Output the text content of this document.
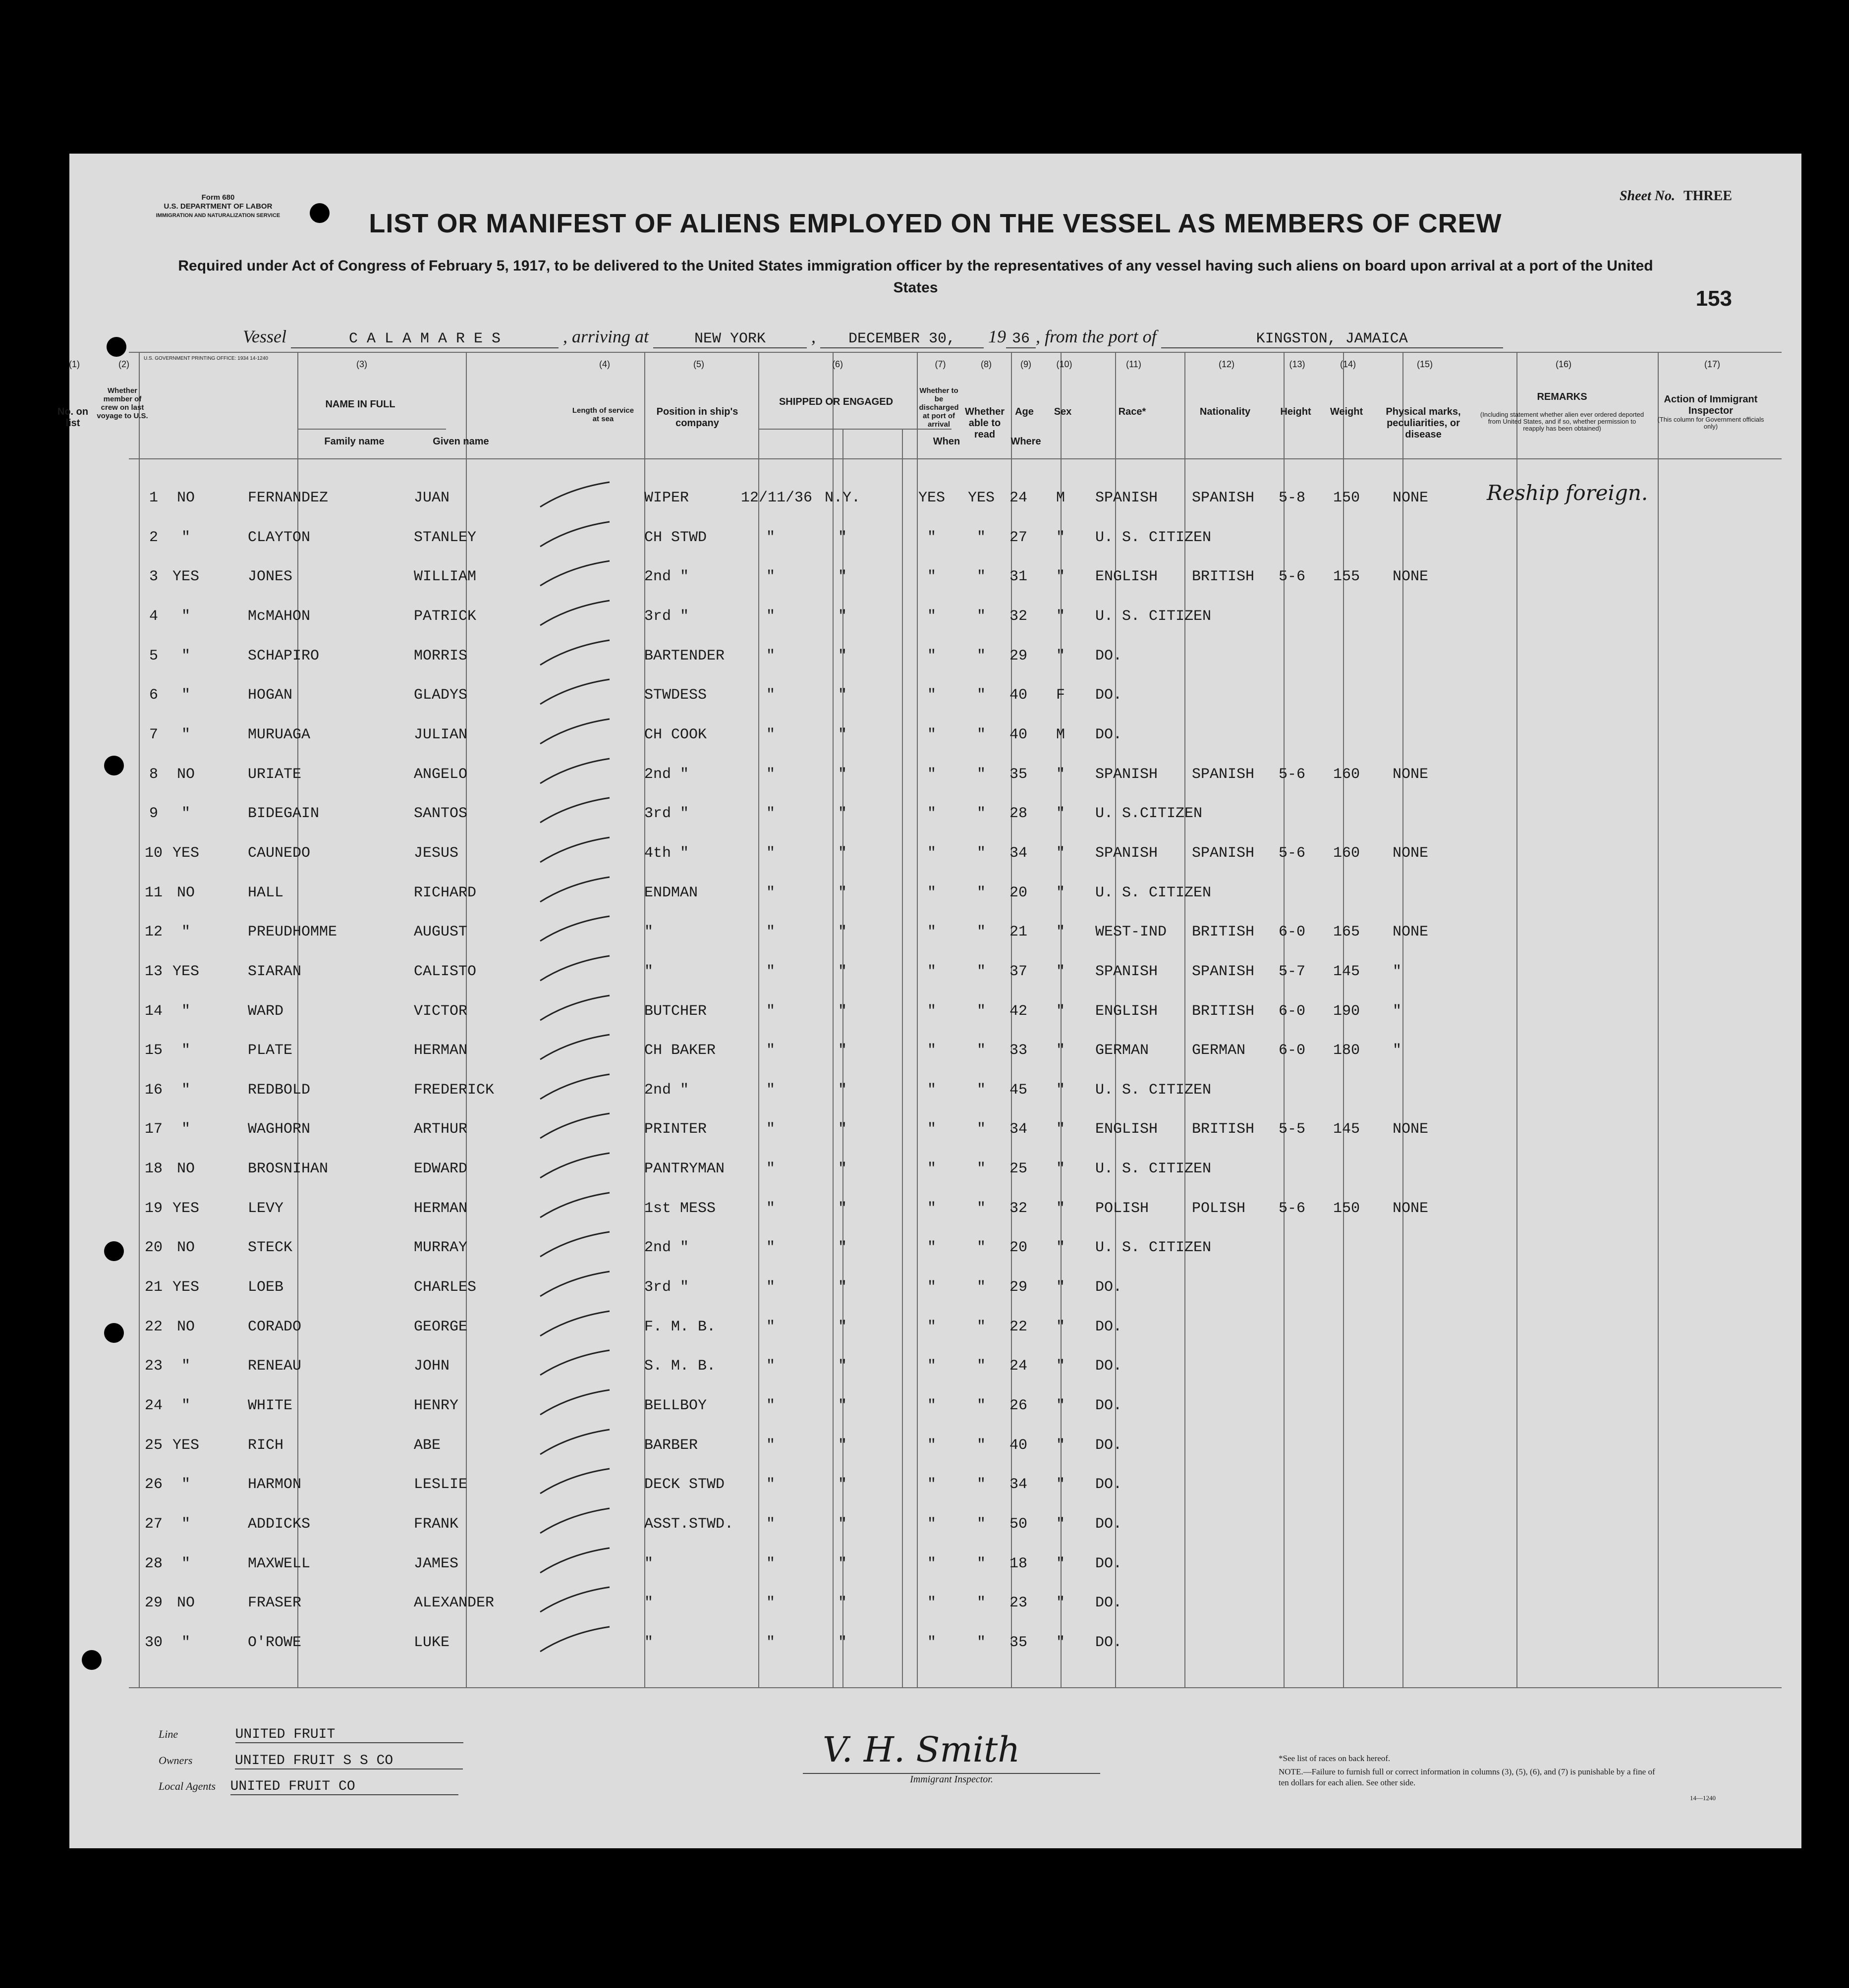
Form 680
U.S. DEPARTMENT OF LABOR
IMMIGRATION AND NATURALIZATION SERVICE
Sheet No. THREE
LIST OR MANIFEST OF ALIENS EMPLOYED ON THE VESSEL AS MEMBERS OF CREW
Required under Act of Congress of February 5, 1917, to be delivered to the United States immigration officer by the representatives of any vessel having such aliens on board upon arrival at a port of the United States	153
Vessel	C A L A M A R E S	, arriving at	NEW YORK	, DECEMBER 30, 19 36 , from the port of	KINGSTON, JAMAICA
U.S. GOVERNMENT PRINTING OFFICE: 1934 14-1240
(1)
No. on list
(2)
Whether member of crew on last voyage to U.S.
(3)
NAME IN FULL
(4)
Length of service at sea
(5)
Position in ship's company
(6)
SHIPPED OR ENGAGED
(7)
Whether to be discharged at port of arrival
(8)
Whether able to read
(9)
Age
(10)
Sex
(11)
Race*
(12)
Nationality
(13)
Height
(14)
Weight
(15)
Physical marks, peculiarities, or disease
(16)
REMARKS
(17)
Action of Immigrant Inspector
Family name	Given name	When	Where
(Including statement whether alien ever ordered deported from United States, and if so, whether permission to reapply has been obtained)
(This column for Government officials only)
1	NO	FERNANDEZ	JUAN	WIPER	12/11/36 N.Y.	YES	YES 24	M	SPANISH SPANISH 5-8 150 NONE	Reship foreign.
2	"	CLAYTON	STANLEY	CH STWD	"	"	"	"	27	"	U. S. CITIZEN
3 YES	JONES	WILLIAM	2nd "	"	"	"	"	31	"	ENGLISH BRITISH 5-6 155 NONE
4	"	McMAHON	PATRICK	3rd "	"	"	"	"	32	"	U. S. CITIZEN
5	"	SCHAPIRO	MORRIS	BARTENDER	"	"	"	"	29	"	DO.
6	"	HOGAN	GLADYS	STWDESS	"	"	"	"	40	F	DO.
7	"	MURUAGA	JULIAN	CH COOK	"	"	"	"	40	M	DO.
8	NO	URIATE	ANGELO	2nd "	"	"	"	"	35	"	SPANISH SPANISH 5-6 160 NONE
9	"	BIDEGAIN	SANTOS	3rd "	"	"	"	"	28	"	U. S.CITIZEN
10 YES	CAUNEDO	JESUS	4th "	"	"	"	"	34	"	SPANISH SPANISH 5-6 160 NONE
11 NO	HALL	RICHARD	ENDMAN	"	"	"	"	20	"	U. S. CITIZEN
12	"	PREUDHOMME	AUGUST	"	"	"	"	"	21	"	WEST-IND BRITISH 6-0 165 NONE
13 YES	SIARAN	CALISTO	"	"	"	"	"	37	"	SPANISH SPANISH 5-7 145 "
14	"	WARD	VICTOR	BUTCHER	"	"	"	"	42	"	ENGLISH BRITISH 6-0 190 "
15	"	PLATE	HERMAN	CH BAKER	"	"	"	"	33	"	GERMAN	GERMAN 6-0 180 "
16	"	REDBOLD	FREDERICK	2nd "	"	"	"	"	45	"	U. S. CITIZEN
17	"	WAGHORN	ARTHUR	PRINTER	"	"	"	"	34	"	ENGLISH BRITISH 5-5 145 NONE
18 NO	BROSNIHAN	EDWARD	PANTRYMAN	"	"	"	"	25	"	U. S. CITIZEN
19 YES	LEVY	HERMAN	1st MESS	"	"	"	"	32	"	POLISH	POLISH 5-6 150 NONE
20 NO	STECK	MURRAY	2nd "	"	"	"	"	20	"	U. S. CITIZEN
21 YES	LOEB	CHARLES	3rd "	"	"	"	"	29	"	DO.
22 NO	CORADO	GEORGE	F. M. B.	"	"	"	"	22	"	DO.
23	"	RENEAU	JOHN	S. M. B.	"	"	"	"	24	"	DO.
24	"	WHITE	HENRY	BELLBOY	"	"	"	"	26	"	DO.
25 YES	RICH	ABE	BARBER	"	"	"	"	40	"	DO.
26	"	HARMON	LESLIE	DECK STWD	"	"	"	"	34	"	DO.
27	"	ADDICKS	FRANK	ASST.STWD.	"	"	"	"	50	"	DO.
28	"	MAXWELL	JAMES	"	"	"	"	"	18	"	DO.
29 NO	FRASER	ALEXANDER	"	"	"	"	"	23	"	DO.
30	"	O'ROWE	LUKE	"	"	"	"	"	35	"	DO.
Line	UNITED FRUIT
Owners	UNITED FRUIT S S CO
Local Agents UNITED FRUIT CO
V. H. Smith
Immigrant Inspector.
*See list of races on back hereof.
NOTE.—Failure to furnish full or correct information in columns (3), (5), (6), and (7) is punishable by a fine of ten dollars for each alien. See other side.
14—1240
